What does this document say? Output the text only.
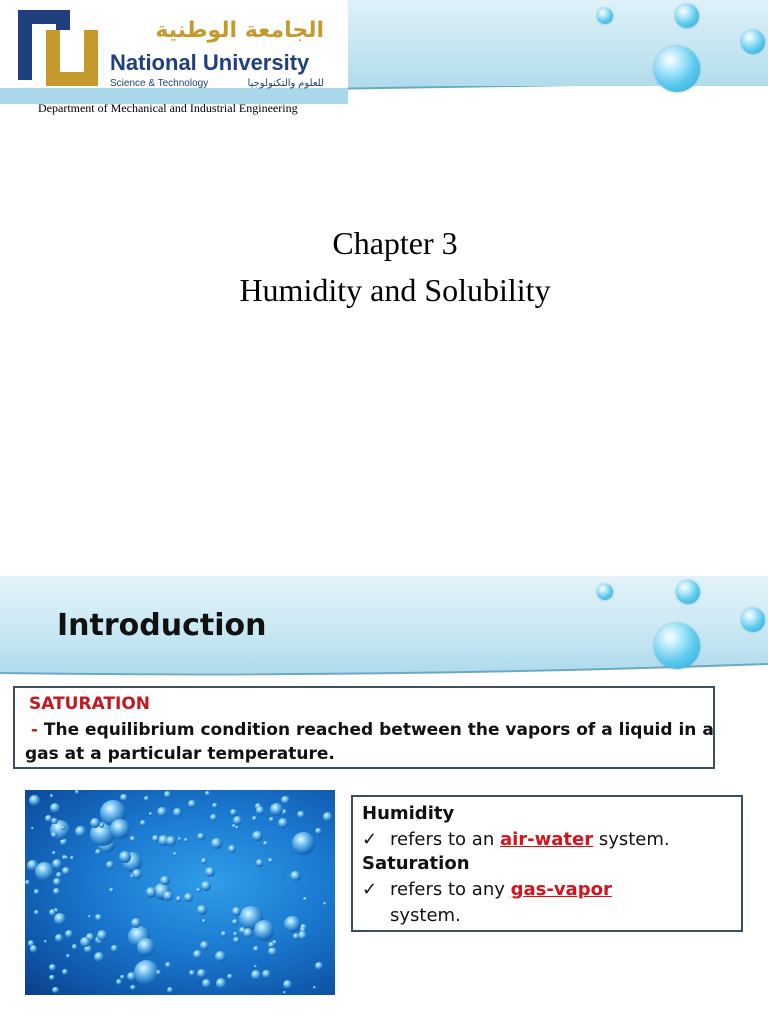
الجامعة الوطنية
National University
Science & Technology	للعلوم والتكنولوجيا
Department of Mechanical and Industrial Engineering
Chapter 3
Humidity and Solubility
Introduction
SATURATION
- The equilibrium condition reached between the vapors of a liquid in a gas at a particular temperature.
Humidity
✓ refers to an air-water system.
Saturation
✓ refers to any gas-vapor
system.
